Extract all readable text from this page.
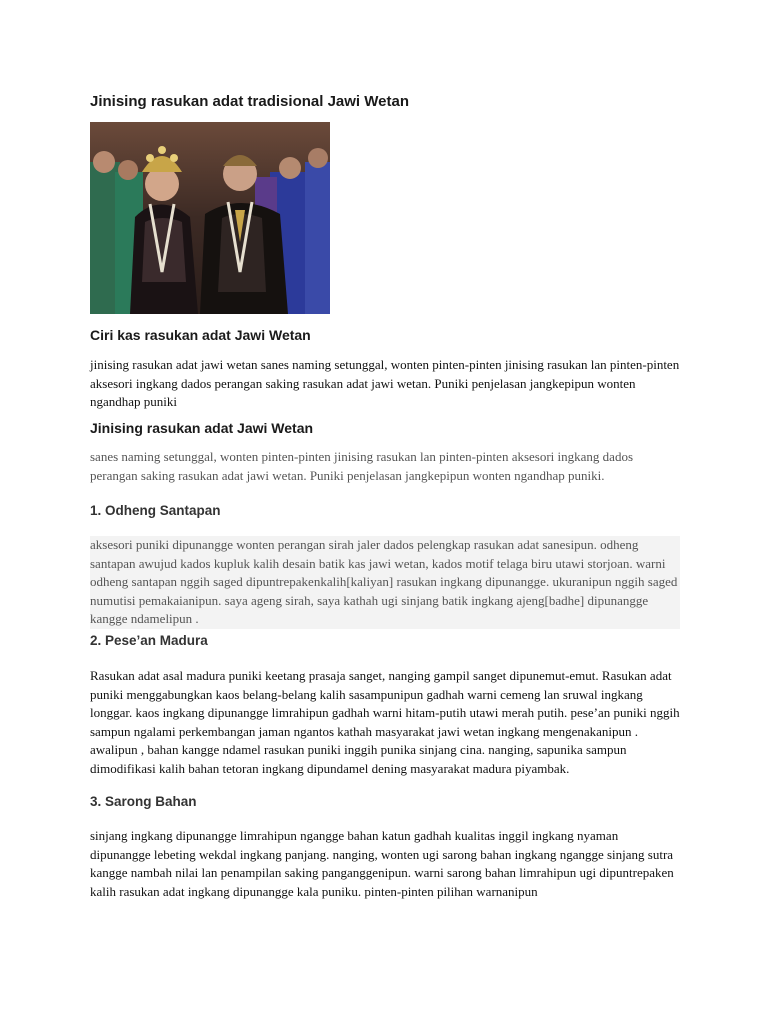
Jinising rasukan adat tradisional Jawi Wetan
Ciri kas rasukan adat Jawi Wetan

jinising rasukan adat jawi wetan sanes naming setunggal, wonten pinten-pinten jinising rasukan lan pinten-pinten aksesori ingkang dados perangan saking rasukan adat jawi wetan. Puniki penjelasan jangkepipun wonten ngandhap puniki

Jinising rasukan adat Jawi Wetan

sanes naming setunggal, wonten pinten-pinten jinising rasukan lan pinten-pinten aksesori ingkang dados perangan saking rasukan adat jawi wetan. Puniki penjelasan jangkepipun wonten ngandhap puniki.

1. Odheng Santapan

aksesori puniki dipunangge wonten perangan sirah jaler dados pelengkap rasukan adat sanesipun. odheng santapan awujud kados kupluk kalih desain batik kas jawi wetan, kados motif telaga biru utawi storjoan. warni odheng santapan nggih saged dipuntrepakenkalih[kaliyan] rasukan ingkang dipunangge. ukuranipun nggih saged numutisi pemakaianipun. saya ageng sirah, saya kathah ugi sinjang batik ingkang ajeng[badhe] dipunangge kangge ndamelipun .

2. Pese’an Madura

Rasukan adat asal madura puniki keetang prasaja sanget, nanging gampil sanget dipunemut-emut. Rasukan adat puniki menggabungkan kaos belang-belang kalih sasampunipun gadhah warni cemeng lan sruwal ingkang longgar. kaos ingkang dipunangge limrahipun gadhah warni hitam-putih utawi merah putih. pese’an puniki nggih sampun ngalami perkembangan jaman ngantos kathah masyarakat jawi wetan ingkang mengenakanipun . awalipun , bahan kangge ndamel rasukan puniki inggih punika sinjang cina. nanging, sapunika sampun dimodifikasi kalih bahan tetoran ingkang dipundamel dening masyarakat madura piyambak.

3. Sarong Bahan

sinjang ingkang dipunangge limrahipun ngangge bahan katun gadhah kualitas inggil ingkang nyaman dipunangge lebeting wekdal ingkang panjang. nanging, wonten ugi sarong bahan ingkang ngangge sinjang sutra kangge nambah nilai lan penampilan saking panganggenipun. warni sarong bahan limrahipun ugi dipuntrepaken kalih rasukan adat ingkang dipunangge kala puniku. pinten-pinten pilihan warnanipun
